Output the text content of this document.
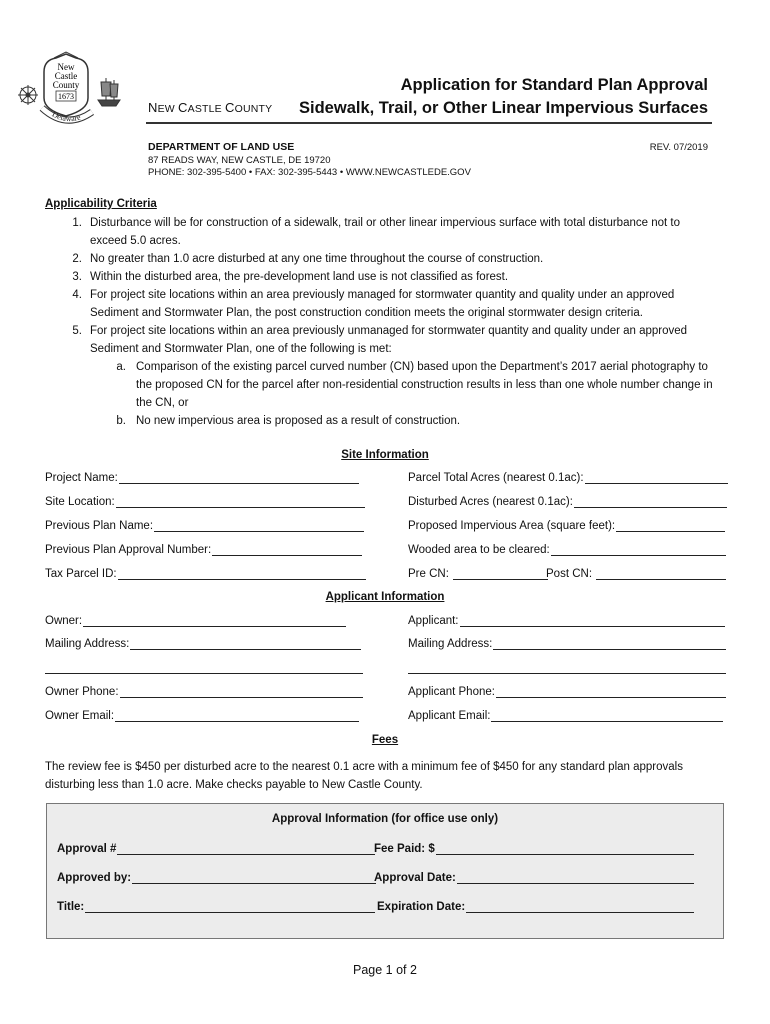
New
Castle
County
1673
Delaware
NEW CASTLE COUNTY
Application for Standard Plan Approval
Sidewalk, Trail, or Other Linear Impervious Surfaces
DEPARTMENT OF LAND USE	REV. 07/2019
87 READS WAY, NEW CASTLE, DE 19720
PHONE: 302-395-5400 • FAX: 302-395-5443 • WWW.NEWCASTLEDE.GOV
Applicability Criteria
1. Disturbance will be for construction of a sidewalk, trail or other linear impervious surface with total disturbance not to
exceed 5.0 acres.
2. No greater than 1.0 acre disturbed at any one time throughout the course of construction.
3. Within the disturbed area, the pre-development land use is not classified as forest.
4. For project site locations within an area previously managed for stormwater quantity and quality under an approved
Sediment and Stormwater Plan, the post construction condition meets the original stormwater design criteria.
5. For project site locations within an area previously unmanaged for stormwater quantity and quality under an approved
Sediment and Stormwater Plan, one of the following is met:
a. Comparison of the existing parcel curved number (CN) based upon the Department’s 2017 aerial photography to
the proposed CN for the parcel after non-residential construction results in less than one whole number change in
the CN, or
b. No new impervious area is proposed as a result of construction.
Site Information
Project Name:	Parcel Total Acres (nearest 0.1ac):
Site Location:	Disturbed Acres (nearest 0.1ac):
Previous Plan Name:	Proposed Impervious Area (square feet):
Previous Plan Approval Number:	Wooded area to be cleared:
Tax Parcel ID:	Pre CN:	Post CN:
Applicant Information
Owner:	Applicant:
Mailing Address:	Mailing Address:
Owner Phone:	Applicant Phone:
Owner Email:	Applicant Email:
Fees
The review fee is $450 per disturbed acre to the nearest 0.1 acre with a minimum fee of $450 for any standard plan approvals
disturbing less than 1.0 acre. Make checks payable to New Castle County.
Approval Information (for office use only)
Approval #	Fee Paid: $
Approved by:	Approval Date:
Title:	Expiration Date:
Page 1 of 2
